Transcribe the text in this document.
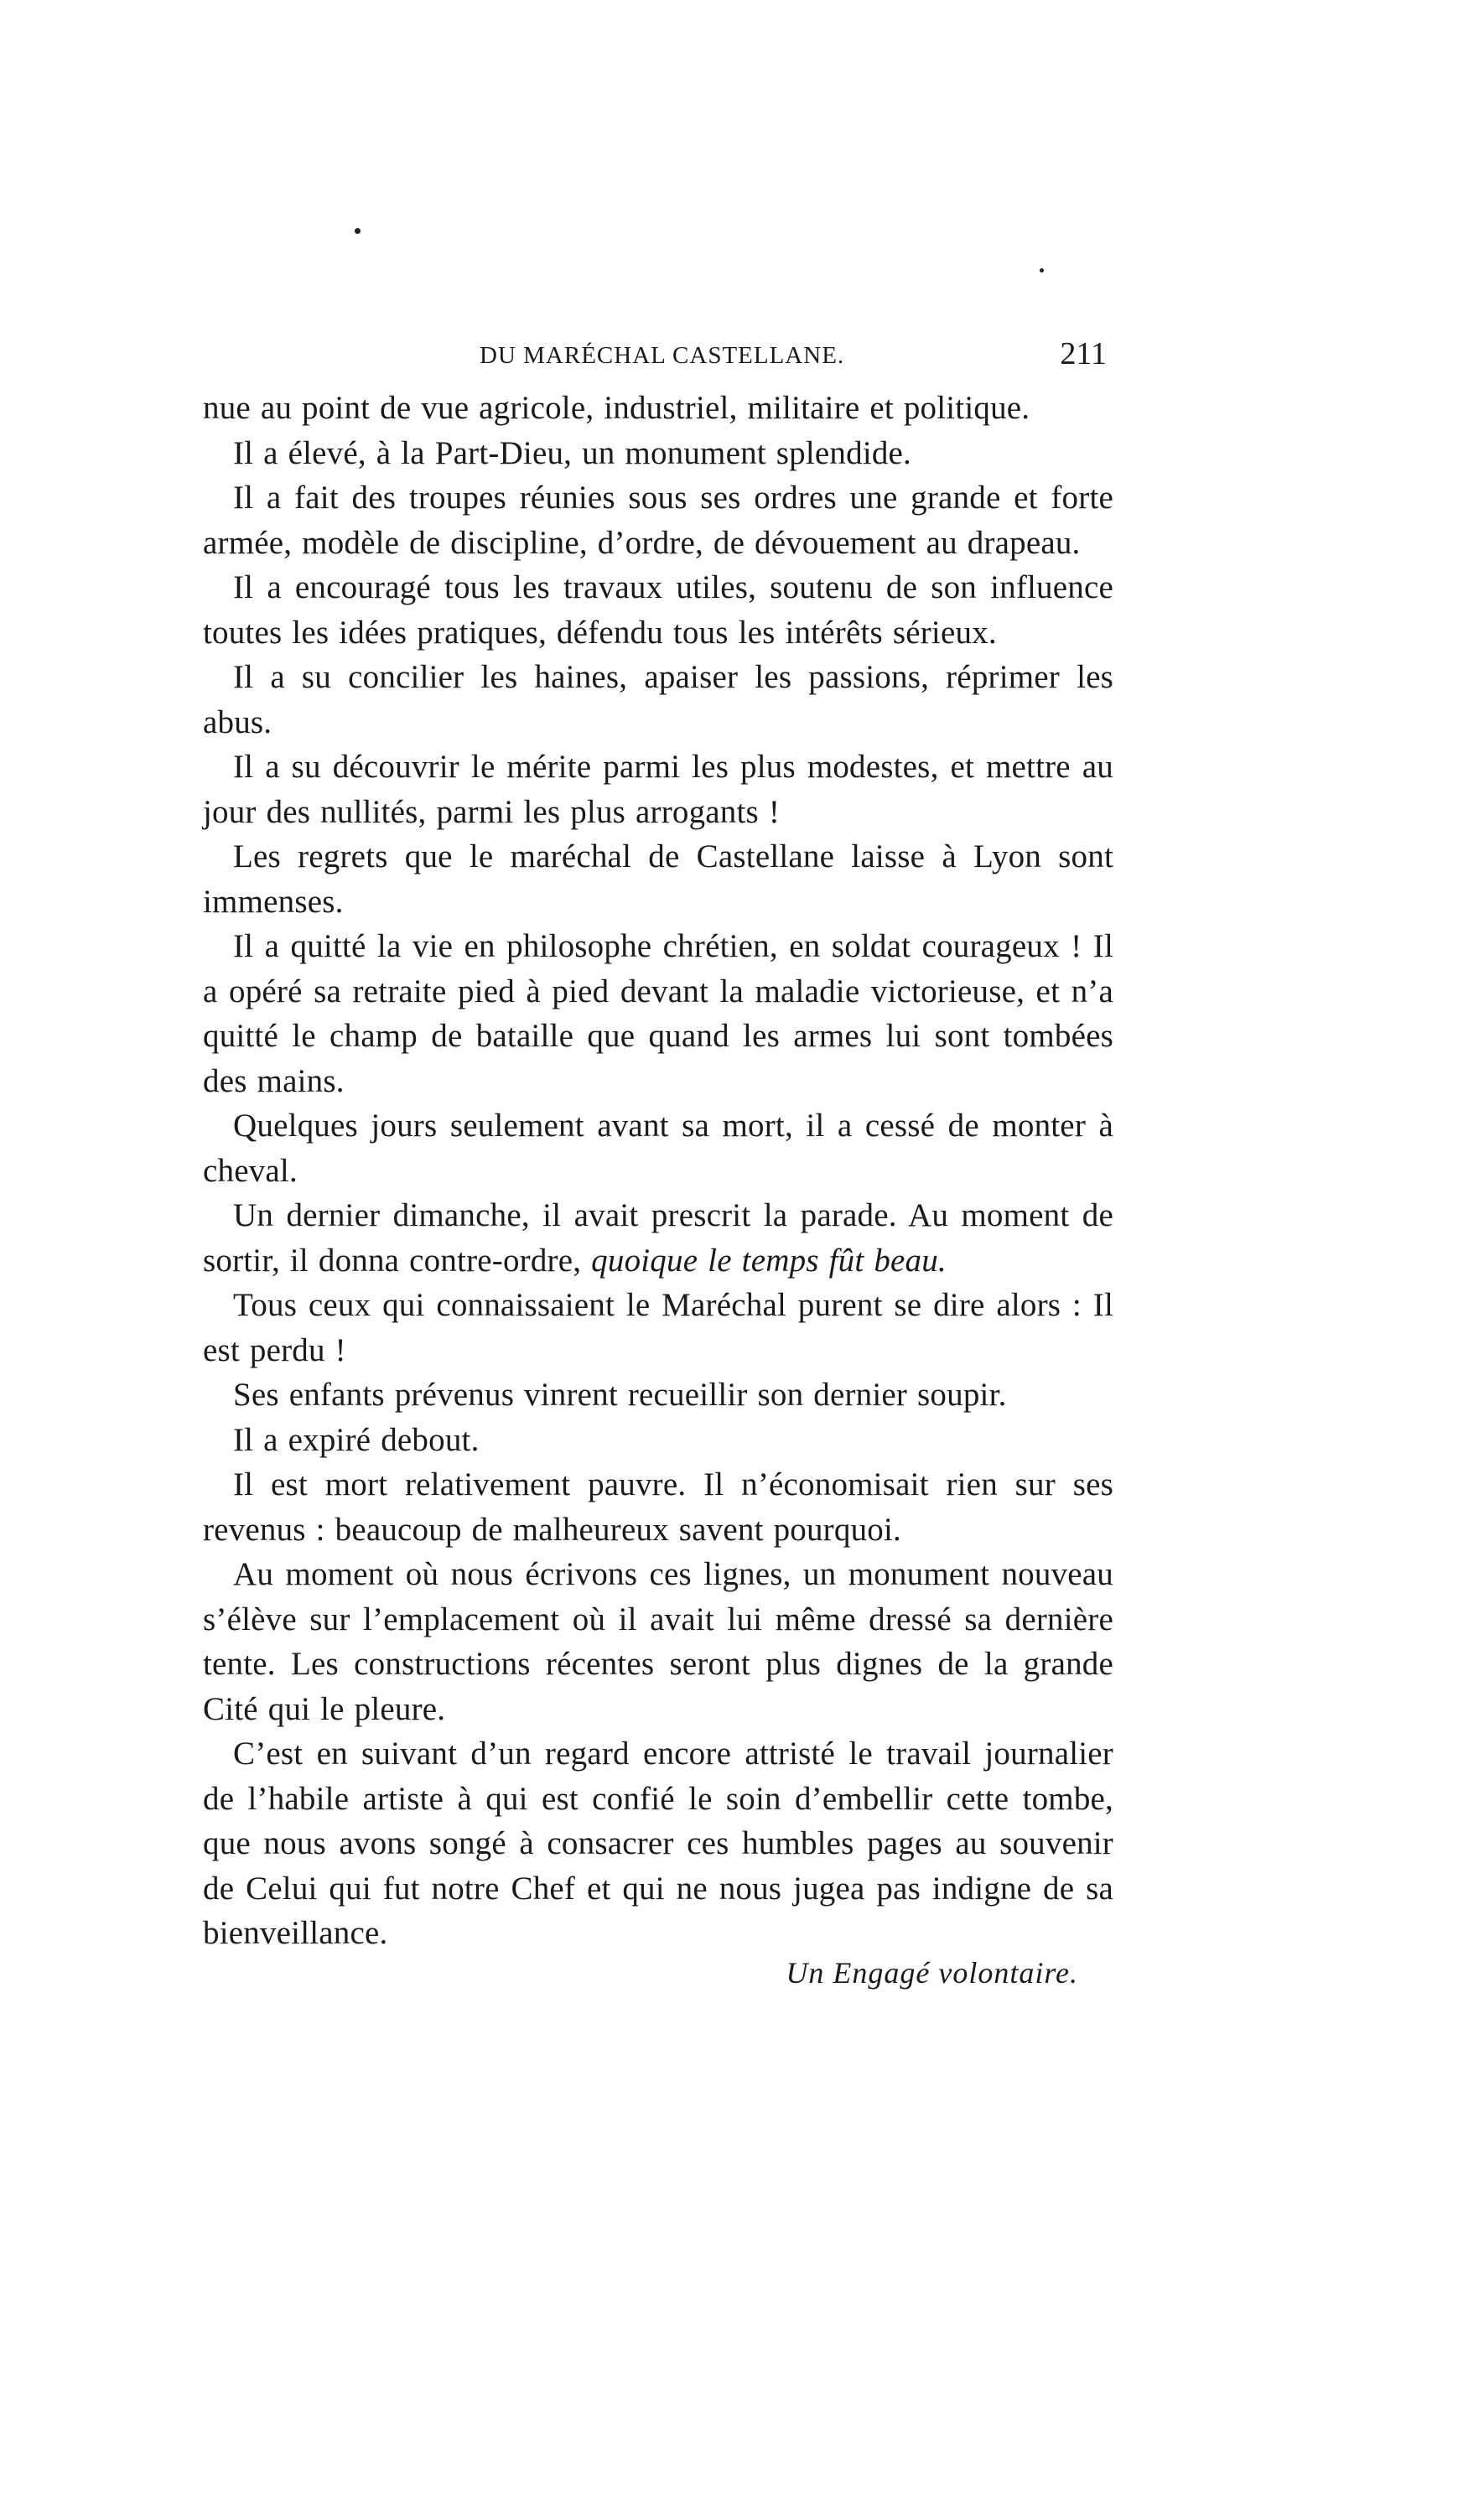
DU MARÉCHAL CASTELLANE.	211

nue au point de vue agricole, industriel, militaire et politique.

Il a élevé, à la Part-Dieu, un monument splendide.

Il a fait des troupes réunies sous ses ordres une grande et forte armée, modèle de discipline, d’ordre, de dévouement au drapeau.

Il a encouragé tous les travaux utiles, soutenu de son influence toutes les idées pratiques, défendu tous les intérêts sérieux.

Il a su concilier les haines, apaiser les passions, réprimer les abus.

Il a su découvrir le mérite parmi les plus modestes, et mettre au jour des nullités, parmi les plus arrogants !

Les regrets que le maréchal de Castellane laisse à Lyon sont immenses.

Il a quitté la vie en philosophe chrétien, en soldat courageux ! Il a opéré sa retraite pied à pied devant la maladie victorieuse, et n’a quitté le champ de bataille que quand les armes lui sont tombées des mains.

Quelques jours seulement avant sa mort, il a cessé de monter à cheval.

Un dernier dimanche, il avait prescrit la parade. Au moment de sortir, il donna contre-ordre, quoique le temps fût beau.

Tous ceux qui connaissaient le Maréchal purent se dire alors : Il est perdu !

Ses enfants prévenus vinrent recueillir son dernier soupir.

Il a expiré debout.

Il est mort relativement pauvre. Il n’économisait rien sur ses revenus : beaucoup de malheureux savent pourquoi.

Au moment où nous écrivons ces lignes, un monument nouveau s’élève sur l’emplacement où il avait lui même dressé sa dernière tente. Les constructions récentes seront plus dignes de la grande Cité qui le pleure.

C’est en suivant d’un regard encore attristé le travail journalier de l’habile artiste à qui est confié le soin d’embellir cette tombe, que nous avons songé à consacrer ces humbles pages au souvenir de Celui qui fut notre Chef et qui ne nous jugea pas indigne de sa bienveillance.

Un Engagé volontaire.
